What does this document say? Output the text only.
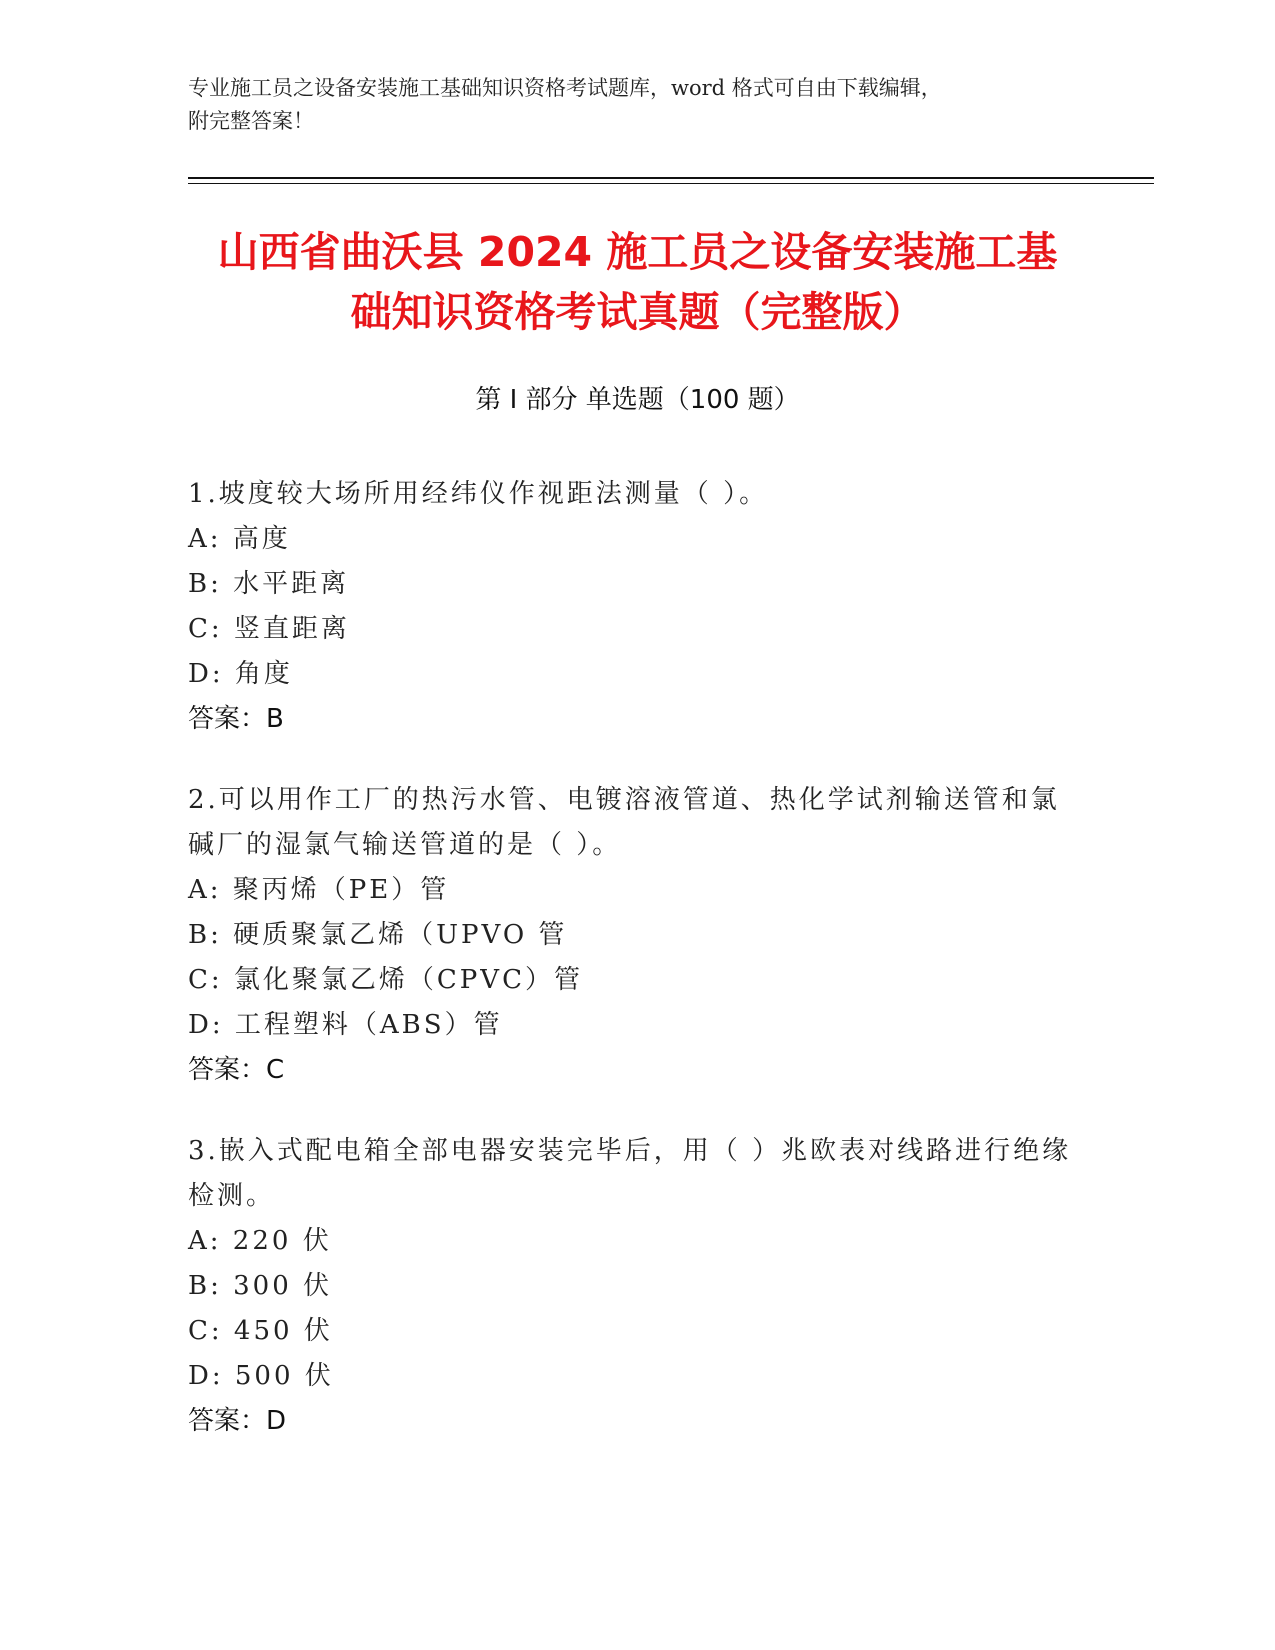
专业施工员之设备安装施工基础知识资格考试题库，word 格式可自由下载编辑，
附完整答案！
山西省曲沃县 2024 施工员之设备安装施工基
础知识资格考试真题（完整版）
第 I 部分 单选题（100 题）
1.坡度较大场所用经纬仪作视距法测量（ ）。
A: 高度
B: 水平距离
C: 竖直距离
D: 角度
答案：B
2.可以用作工厂的热污水管、电镀溶液管道、热化学试剂输送管和氯
碱厂的湿氯气输送管道的是（ ）。
A: 聚丙烯（PE）管
B: 硬质聚氯乙烯（UPVO 管
C: 氯化聚氯乙烯（CPVC）管
D: 工程塑料（ABS）管
答案：C
3.嵌入式配电箱全部电器安装完毕后，用（ ）兆欧表对线路进行绝缘
检测。
A: 220 伏
B: 300 伏
C: 450 伏
D: 500 伏
答案：D
